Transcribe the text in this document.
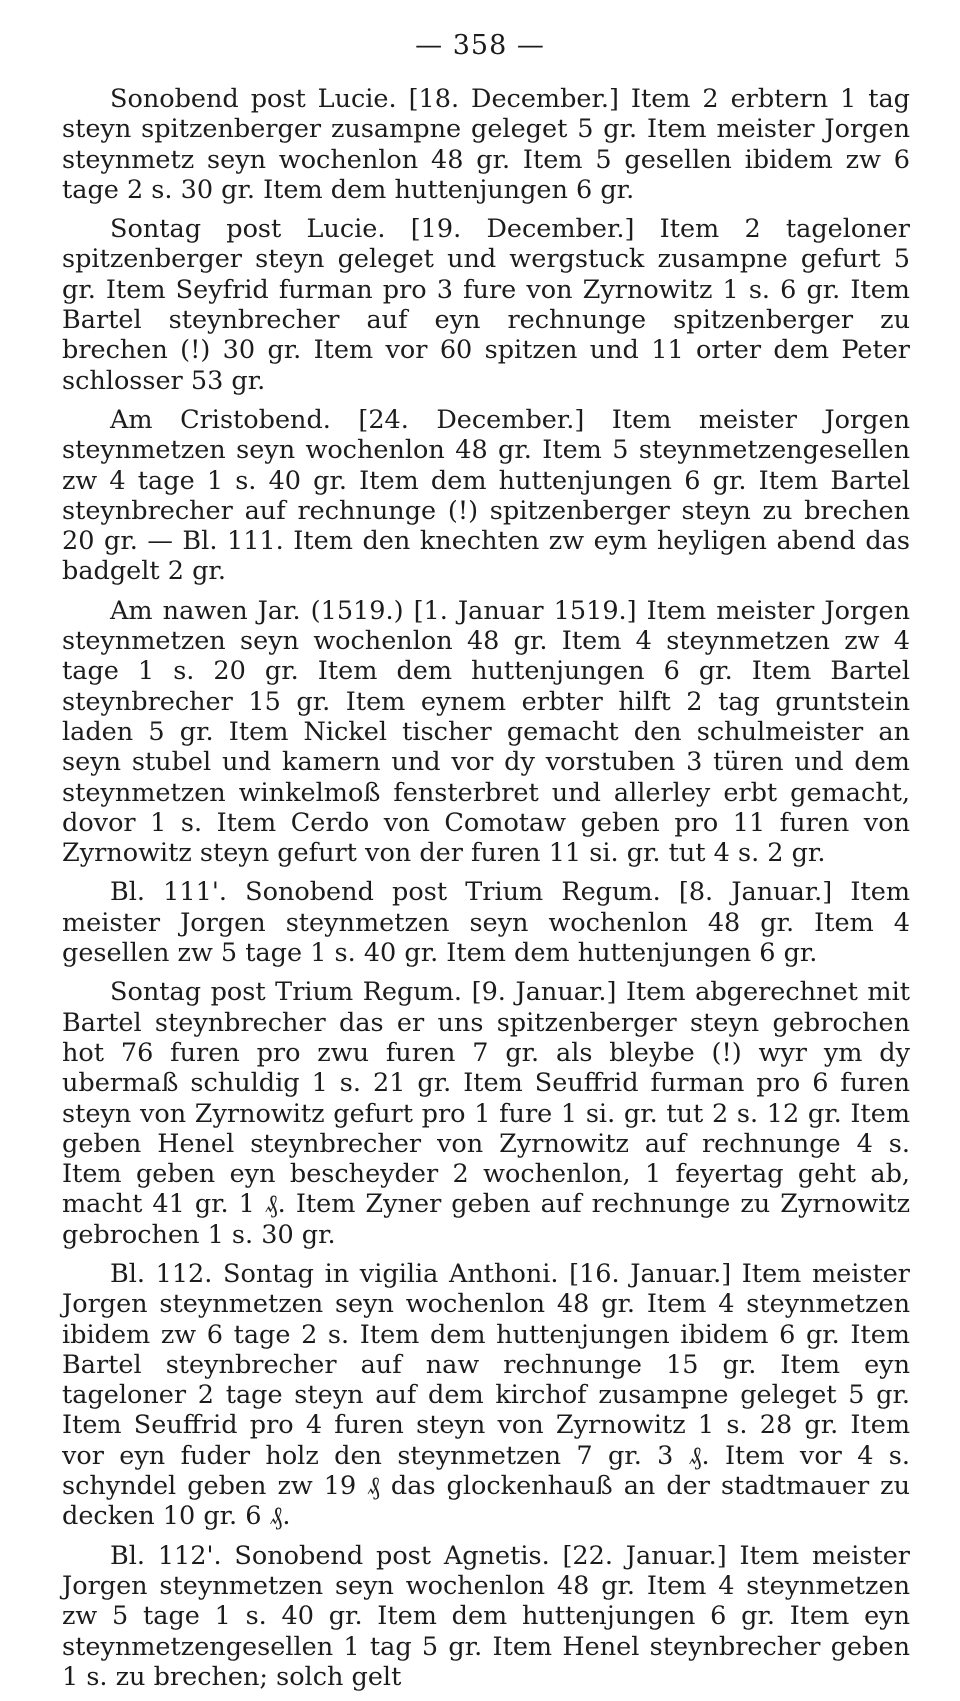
— 358 —

Sonobend post Lucie. [18. December.] Item 2 erbtern 1 tag steyn spitzenberger zusampne geleget 5 gr. Item meister Jorgen steynmetz seyn wochenlon 48 gr. Item 5 gesellen ibidem zw 6 tage 2 s. 30 gr. Item dem huttenjungen 6 gr.

Sontag post Lucie. [19. December.] Item 2 tageloner spitzenberger steyn geleget und wergstuck zusampne gefurt 5 gr. Item Seyfrid furman pro 3 fure von Zyrnowitz 1 s. 6 gr. Item Bartel steynbrecher auf eyn rechnunge spitzenberger zu brechen (!) 30 gr. Item vor 60 spitzen und 11 orter dem Peter schlosser 53 gr.

Am Cristobend. [24. December.] Item meister Jorgen steynmetzen seyn wochenlon 48 gr. Item 5 steynmetzengesellen zw 4 tage 1 s. 40 gr. Item dem huttenjungen 6 gr. Item Bartel steynbrecher auf rechnunge (!) spitzenberger steyn zu brechen 20 gr. — Bl. 111. Item den knechten zw eym heyligen abend das badgelt 2 gr.

Am nawen Jar. (1519.) [1. Januar 1519.] Item meister Jorgen steynmetzen seyn wochenlon 48 gr. Item 4 steynmetzen zw 4 tage 1 s. 20 gr. Item dem huttenjungen 6 gr. Item Bartel steynbrecher 15 gr. Item eynem erbter hilft 2 tag gruntstein laden 5 gr. Item Nickel tischer gemacht den schulmeister an seyn stubel und kamern und vor dy vorstuben 3 türen und dem steynmetzen winkelmoß fensterbret und allerley erbt gemacht, dovor 1 s. Item Cerdo von Comotaw geben pro 11 furen von Zyrnowitz steyn gefurt von der furen 11 si. gr. tut 4 s. 2 gr.

Bl. 111'. Sonobend post Trium Regum. [8. Januar.] Item meister Jorgen steynmetzen seyn wochenlon 48 gr. Item 4 gesellen zw 5 tage 1 s. 40 gr. Item dem huttenjungen 6 gr.

Sontag post Trium Regum. [9. Januar.] Item abgerechnet mit Bartel steynbrecher das er uns spitzenberger steyn gebrochen hot 76 furen pro zwu furen 7 gr. als bleybe (!) wyr ym dy ubermaß schuldig 1 s. 21 gr. Item Seuffrid furman pro 6 furen steyn von Zyrnowitz gefurt pro 1 fure 1 si. gr. tut 2 s. 12 gr. Item geben Henel steynbrecher von Zyrnowitz auf rechnunge 4 s. Item geben eyn bescheyder 2 wochenlon, 1 feyertag geht ab, macht 41 gr. 1 ₰. Item Zyner geben auf rechnunge zu Zyrnowitz gebrochen 1 s. 30 gr.

Bl. 112. Sontag in vigilia Anthoni. [16. Januar.] Item meister Jorgen steynmetzen seyn wochenlon 48 gr. Item 4 steynmetzen ibidem zw 6 tage 2 s. Item dem huttenjungen ibidem 6 gr. Item Bartel steynbrecher auf naw rechnunge 15 gr. Item eyn tageloner 2 tage steyn auf dem kirchof zusampne geleget 5 gr. Item Seuffrid pro 4 furen steyn von Zyrnowitz 1 s. 28 gr. Item vor eyn fuder holz den steynmetzen 7 gr. 3 ₰. Item vor 4 s. schyndel geben zw 19 ₰ das glockenhauß an der stadtmauer zu decken 10 gr. 6 ₰.

Bl. 112'. Sonobend post Agnetis. [22. Januar.] Item meister Jorgen steynmetzen seyn wochenlon 48 gr. Item 4 steynmetzen zw 5 tage 1 s. 40 gr. Item dem huttenjungen 6 gr. Item eyn steynmetzengesellen 1 tag 5 gr. Item Henel steynbrecher geben 1 s. zu brechen; solch gelt
